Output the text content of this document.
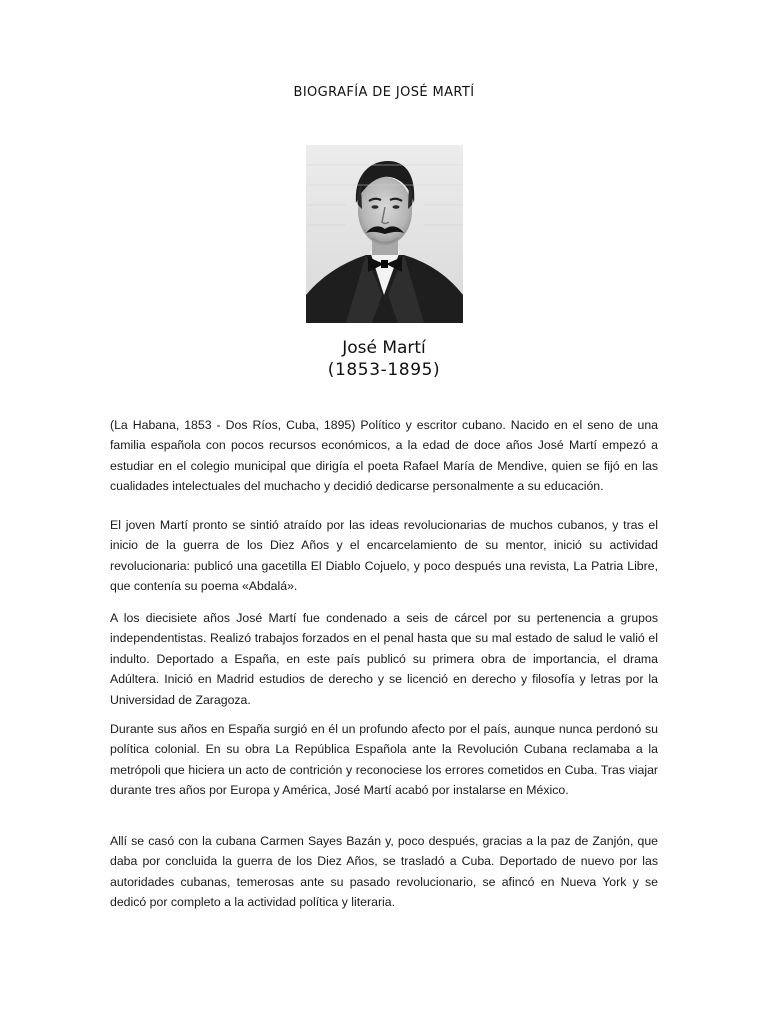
BIOGRAFÍA DE JOSÉ MARTÍ
José Martí
(1853-1895)

(La Habana, 1853 - Dos Ríos, Cuba, 1895) Político y escritor cubano. Nacido en el seno de una familia española con pocos recursos económicos, a la edad de doce años José Martí empezó a estudiar en el colegio municipal que dirigía el poeta Rafael María de Mendive, quien se fijó en las cualidades intelectuales del muchacho y decidió dedicarse personalmente a su educación.

El joven Martí pronto se sintió atraído por las ideas revolucionarias de muchos cubanos, y tras el inicio de la guerra de los Diez Años y el encarcelamiento de su mentor, inició su actividad revolucionaria: publicó una gacetilla El Diablo Cojuelo, y poco después una revista, La Patria Libre, que contenía su poema «Abdalá».

A los diecisiete años José Martí fue condenado a seis de cárcel por su pertenencia a grupos independentistas. Realizó trabajos forzados en el penal hasta que su mal estado de salud le valió el indulto. Deportado a España, en este país publicó su primera obra de importancia, el drama Adúltera. Inició en Madrid estudios de derecho y se licenció en derecho y filosofía y letras por la Universidad de Zaragoza.

Durante sus años en España surgió en él un profundo afecto por el país, aunque nunca perdonó su política colonial. En su obra La República Española ante la Revolución Cubana reclamaba a la metrópoli que hiciera un acto de contrición y reconociese los errores cometidos en Cuba. Tras viajar durante tres años por Europa y América, José Martí acabó por instalarse en México.

Allí se casó con la cubana Carmen Sayes Bazán y, poco después, gracias a la paz de Zanjón, que daba por concluida la guerra de los Diez Años, se trasladó a Cuba. Deportado de nuevo por las autoridades cubanas, temerosas ante su pasado revolucionario, se afincó en Nueva York y se dedicó por completo a la actividad política y literaria.
